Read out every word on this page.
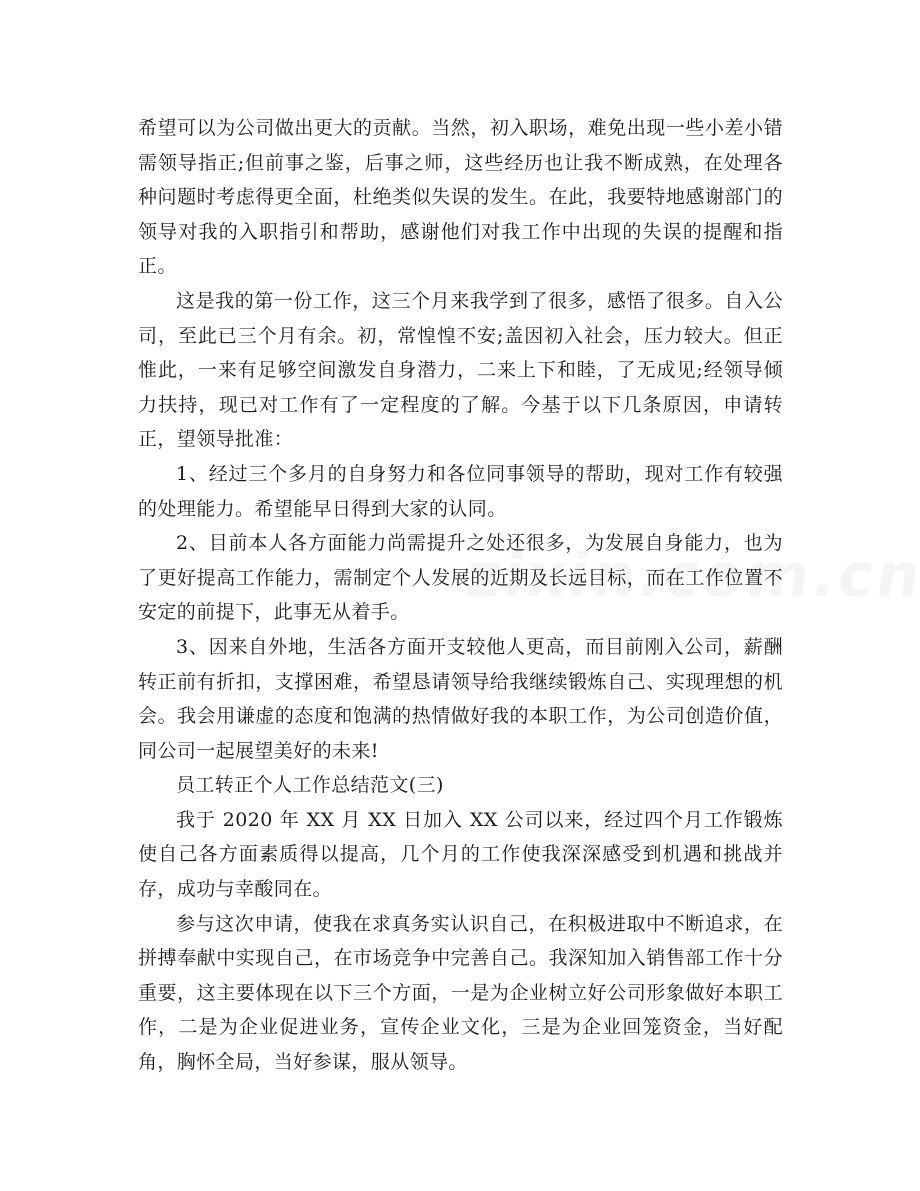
希望可以为公司做出更大的贡献。当然，初入职场，难免出现一些小差小错需领导指正;但前事之鉴，后事之师，这些经历也让我不断成熟，在处理各种问题时考虑得更全面，杜绝类似失误的发生。在此，我要特地感谢部门的领导对我的入职指引和帮助，感谢他们对我工作中出现的失误的提醒和指正。

这是我的第一份工作，这三个月来我学到了很多，感悟了很多。自入公司，至此已三个月有余。初，常惶惶不安;盖因初入社会，压力较大。但正惟此，一来有足够空间激发自身潜力，二来上下和睦，了无成见;经领导倾力扶持，现已对工作有了一定程度的了解。今基于以下几条原因，申请转正，望领导批准：

1、经过三个多月的自身努力和各位同事领导的帮助，现对工作有较强的处理能力。希望能早日得到大家的认同。

2、目前本人各方面能力尚需提升之处还很多，为发展自身能力，也为了更好提高工作能力，需制定个人发展的近期及长远目标，而在工作位置不安定的前提下，此事无从着手。

3、因来自外地，生活各方面开支较他人更高，而目前刚入公司，薪酬转正前有折扣，支撑困难，希望恳请领导给我继续锻炼自己、实现理想的机会。我会用谦虚的态度和饱满的热情做好我的本职工作，为公司创造价值，同公司一起展望美好的未来!

员工转正个人工作总结范文(三)

我于 2020 年 XX 月 XX 日加入 XX 公司以来，经过四个月工作锻炼使自己各方面素质得以提高，几个月的工作使我深深感受到机遇和挑战并存，成功与幸酸同在。

参与这次申请，使我在求真务实认识自己，在积极进取中不断追求，在拼搏奉献中实现自己，在市场竞争中完善自己。我深知加入销售部工作十分重要，这主要体现在以下三个方面，一是为企业树立好公司形象做好本职工作，二是为企业促进业务，宣传企业文化，三是为企业回笼资金，当好配角，胸怀全局，当好参谋，服从领导。
